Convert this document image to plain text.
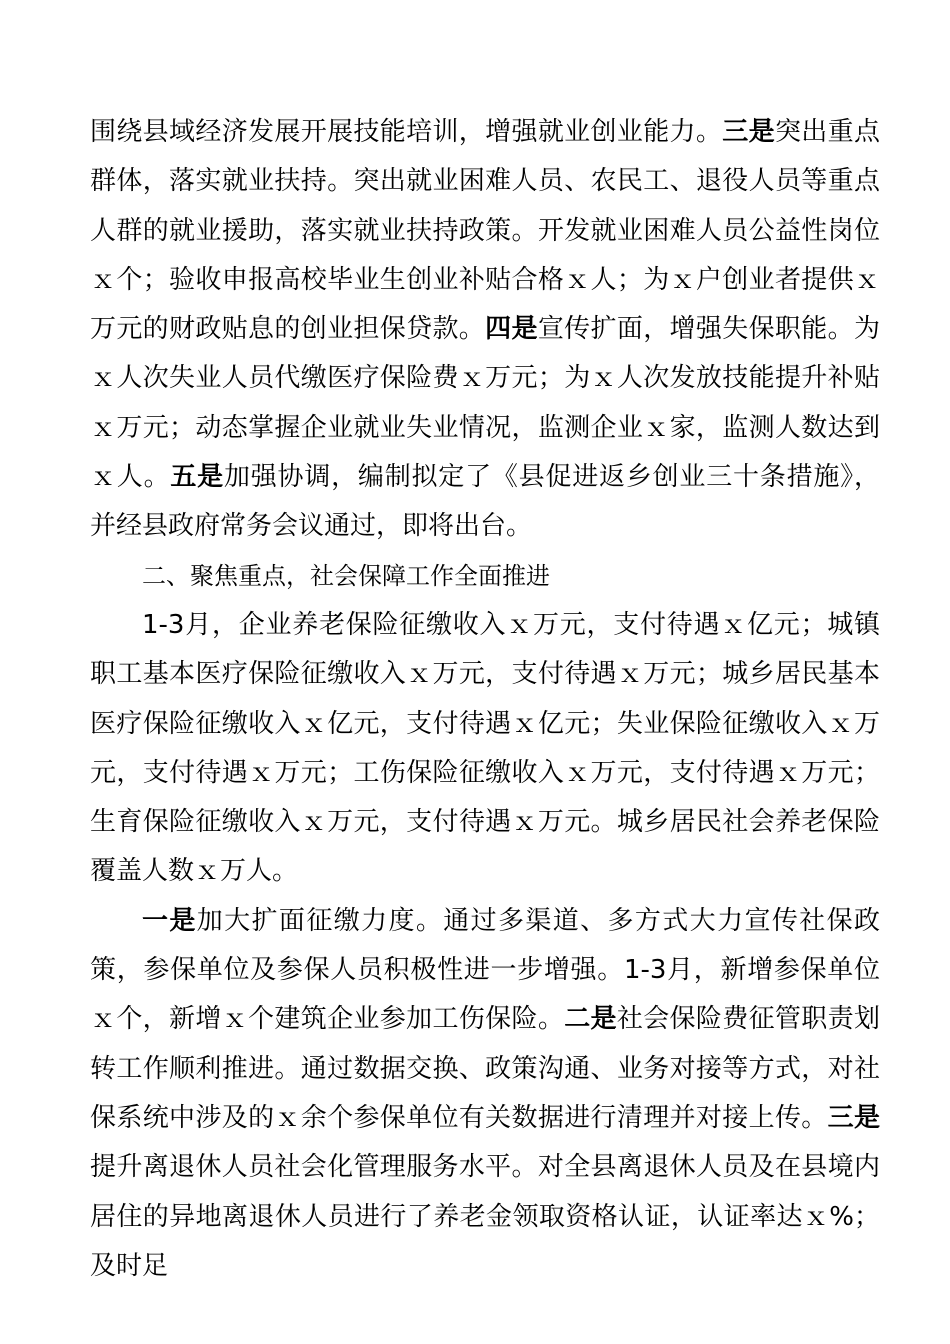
围绕县域经济发展开展技能培训，增强就业创业能力。三是突出重点群体，落实就业扶持。突出就业困难人员、农民工、退役人员等重点人群的就业援助，落实就业扶持政策。开发就业困难人员公益性岗位ｘ个；验收申报高校毕业生创业补贴合格ｘ人；为ｘ户创业者提供ｘ万元的财政贴息的创业担保贷款。四是宣传扩面，增强失保职能。为ｘ人次失业人员代缴医疗保险费ｘ万元；为ｘ人次发放技能提升补贴ｘ万元；动态掌握企业就业失业情况，监测企业ｘ家，监测人数达到ｘ人。五是加强协调，编制拟定了《县促进返乡创业三十条措施》，并经县政府常务会议通过，即将出台。

二、聚焦重点，社会保障工作全面推进

1-3月，企业养老保险征缴收入ｘ万元，支付待遇ｘ亿元；城镇职工基本医疗保险征缴收入ｘ万元，支付待遇ｘ万元；城乡居民基本医疗保险征缴收入ｘ亿元，支付待遇ｘ亿元；失业保险征缴收入ｘ万元，支付待遇ｘ万元；工伤保险征缴收入ｘ万元，支付待遇ｘ万元；生育保险征缴收入ｘ万元，支付待遇ｘ万元。城乡居民社会养老保险覆盖人数ｘ万人。

一是加大扩面征缴力度。通过多渠道、多方式大力宣传社保政策，参保单位及参保人员积极性进一步增强。1-3月，新增参保单位ｘ个，新增ｘ个建筑企业参加工伤保险。二是社会保险费征管职责划转工作顺利推进。通过数据交换、政策沟通、业务对接等方式，对社保系统中涉及的ｘ余个参保单位有关数据进行清理并对接上传。三是提升离退休人员社会化管理服务水平。对全县离退休人员及在县境内居住的异地离退休人员进行了养老金领取资格认证，认证率达ｘ%；及时足
